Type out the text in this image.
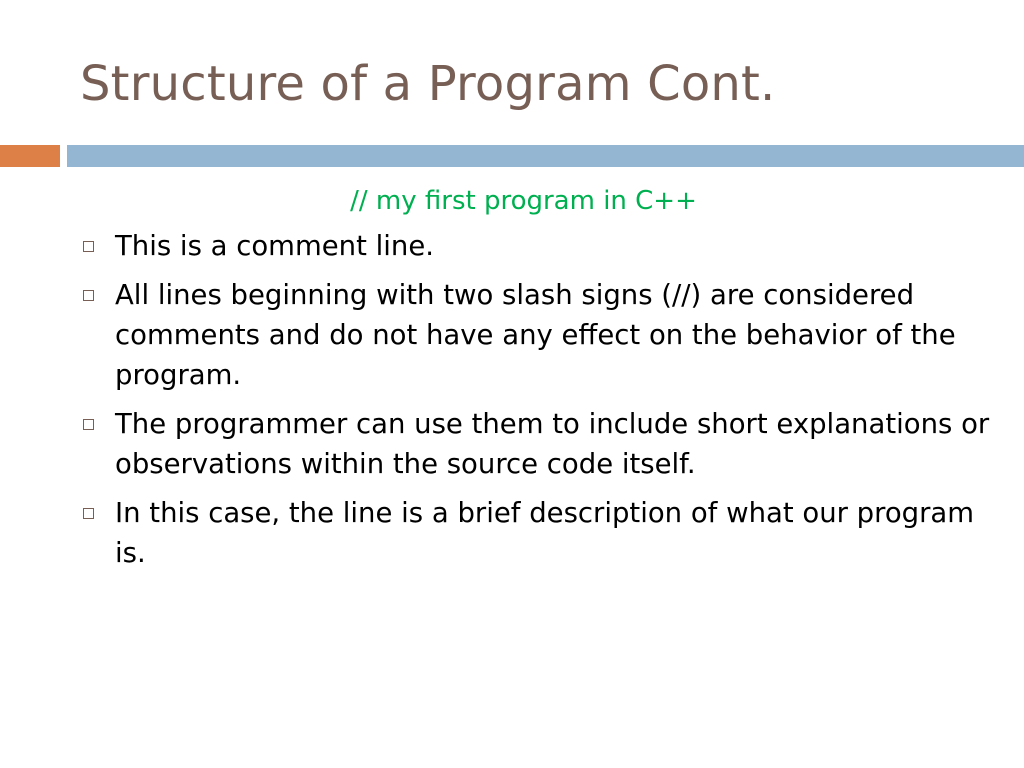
Structure of a Program Cont.
// my first program in C++
This is a comment line.
All lines beginning with two slash signs (//) are considered comments and do not have any effect on the behavior of the program.
The programmer can use them to include short explanations or observations within the source code itself.
In this case, the line is a brief description of what our program is.
